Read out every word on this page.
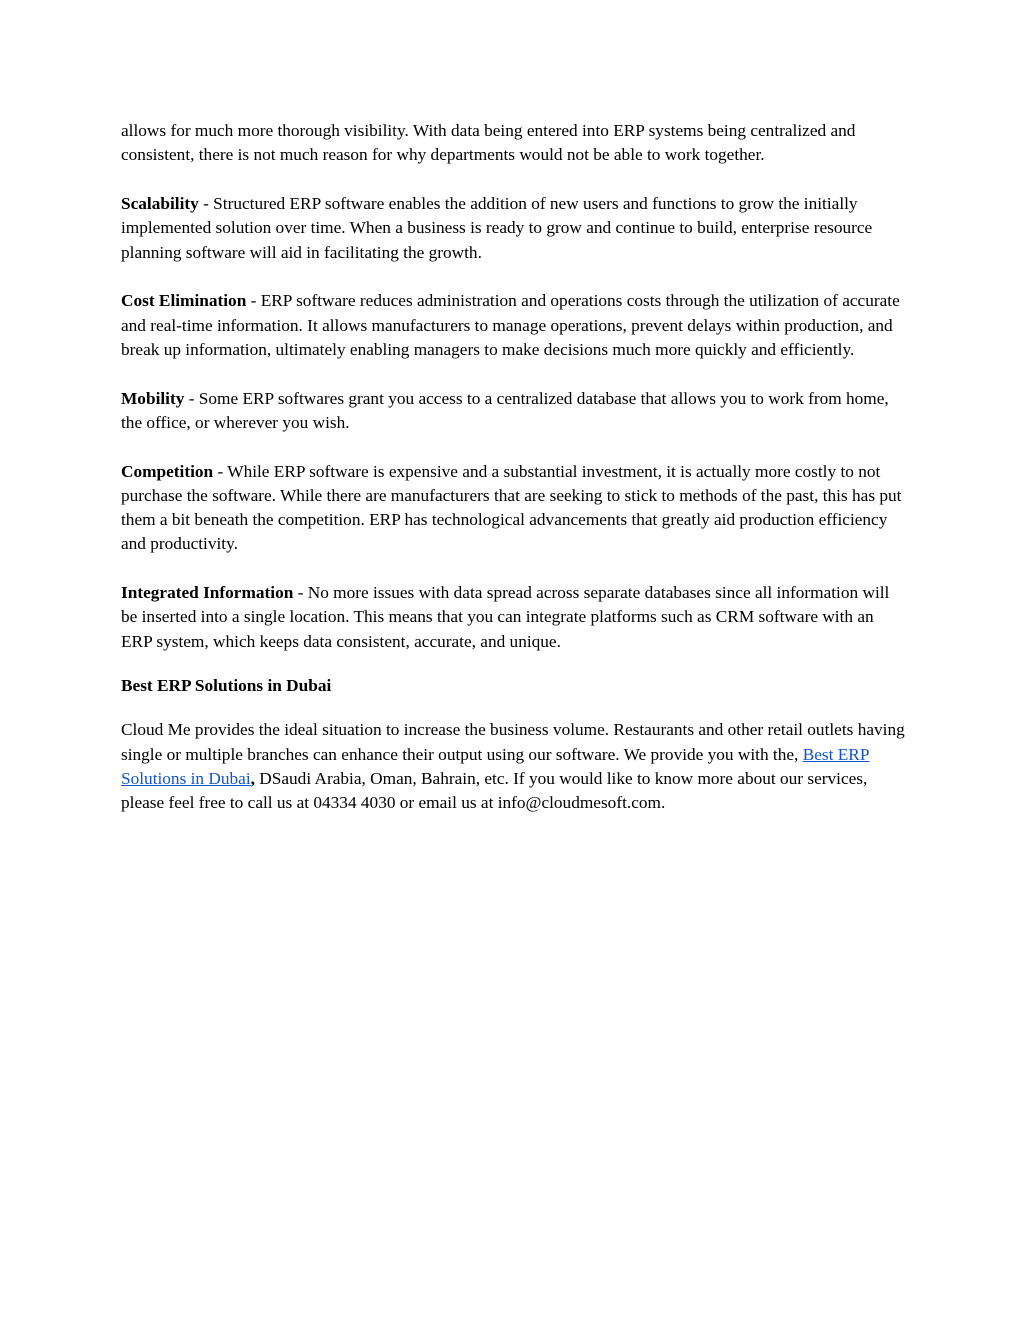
allows for much more thorough visibility. With data being entered into ERP systems being centralized and consistent, there is not much reason for why departments would not be able to work together.

Scalability - Structured ERP software enables the addition of new users and functions to grow the initially implemented solution over time. When a business is ready to grow and continue to build, enterprise resource planning software will aid in facilitating the growth.

Cost Elimination - ERP software reduces administration and operations costs through the utilization of accurate and real-time information. It allows manufacturers to manage operations, prevent delays within production, and break up information, ultimately enabling managers to make decisions much more quickly and efficiently.

Mobility - Some ERP softwares grant you access to a centralized database that allows you to work from home, the office, or wherever you wish.

Competition - While ERP software is expensive and a substantial investment, it is actually more costly to not purchase the software. While there are manufacturers that are seeking to stick to methods of the past, this has put them a bit beneath the competition. ERP has technological advancements that greatly aid production efficiency and productivity.

Integrated Information - No more issues with data spread across separate databases since all information will be inserted into a single location. This means that you can integrate platforms such as CRM software with an ERP system, which keeps data consistent, accurate, and unique.

Best ERP Solutions in Dubai

Cloud Me provides the ideal situation to increase the business volume. Restaurants and other retail outlets having single or multiple branches can enhance their output using our software. We provide you with the, Best ERP Solutions in Dubai, DSaudi Arabia, Oman, Bahrain, etc. If you would like to know more about our services, please feel free to call us at 04334 4030 or email us at info@cloudmesoft.com.
